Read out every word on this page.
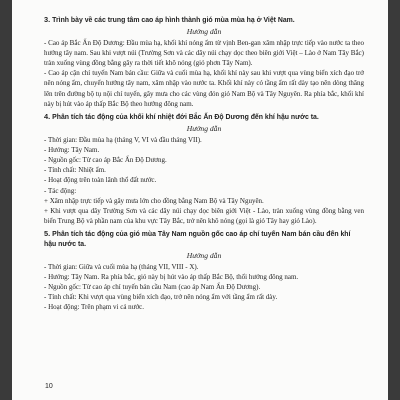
3. Trình bày về các trung tâm cao áp hình thành gió mùa mùa hạ ở Việt Nam.

Hướng dẫn

- Cao áp Bắc Ấn Độ Dương: Đầu mùa hạ, khối khí nóng ẩm từ vịnh Ben-gan xâm nhập trực tiếp vào nước ta theo hướng tây nam. Sau khi vượt núi (Trường Sơn và các dãy núi chạy dọc theo biên giới Việt – Lào ở Nam Tây Bắc) tràn xuống vùng đồng bằng gây ra thời tiết khô nóng (gió phơn Tây Nam).

- Cao áp cận chí tuyến Nam bán cầu: Giữa và cuối mùa hạ, khối khí này sau khi vượt qua vùng biển xích đạo trở nên nóng ẩm, chuyển hướng tây nam, xâm nhập vào nước ta. Khối khí này có tầng ẩm rất dày tạo nên dòng thăng lên trên đường bộ tụ nội chí tuyến, gây mưa cho các vùng đón gió Nam Bộ và Tây Nguyên. Ra phía bắc, khối khí này bị hút vào áp thấp Bắc Bộ theo hướng đông nam.

4. Phân tích tác động của khối khí nhiệt đới Bắc Ấn Độ Dương đến khí hậu nước ta.

Hướng dẫn

- Thời gian: Đầu mùa hạ (tháng V, VI và đầu tháng VII).

- Hướng: Tây Nam.

- Nguồn gốc: Từ cao áp Bắc Ấn Độ Dương.

- Tính chất: Nhiệt ẩm.

- Hoạt động trên toàn lãnh thổ đất nước.

- Tác động:

+ Xâm nhập trực tiếp và gây mưa lớn cho đồng bằng Nam Bộ và Tây Nguyên.

+ Khi vượt qua dãy Trường Sơn và các dãy núi chạy dọc biên giới Việt - Lào, tràn xuống vùng đồng bằng ven biển Trung Bộ và phần nam của khu vực Tây Bắc, trở nên khô nóng (gọi là gió Tây hay gió Lào).

5. Phân tích tác động của gió mùa Tây Nam nguồn gốc cao áp chí tuyến Nam bán cầu đến khí hậu nước ta.

Hướng dẫn

- Thời gian: Giữa và cuối mùa hạ (tháng VII, VIII - X).

- Hướng: Tây Nam. Ra phía bắc, gió này bị hút vào áp thấp Bắc Bộ, thổi hướng đông nam.

- Nguồn gốc: Từ cao áp chí tuyến bán cầu Nam (cao áp Nam Ấn Độ Dương).

- Tính chất: Khi vượt qua vùng biển xích đạo, trở nên nóng ẩm với tầng ẩm rất dày.

- Hoạt động: Trên phạm vi cả nước.

10
